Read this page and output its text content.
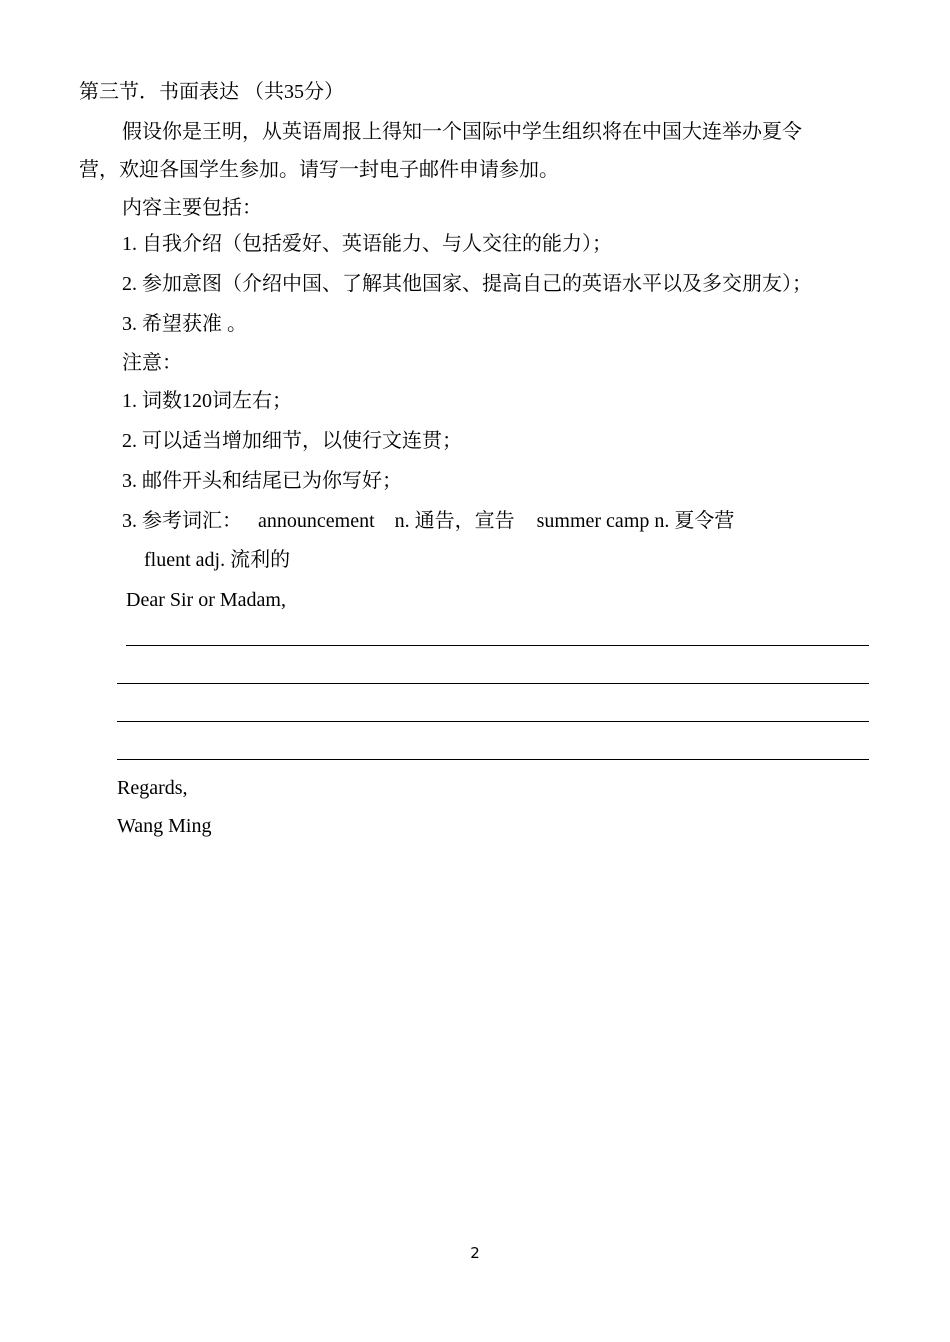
第三节．书面表达 （共35分）
假设你是王明，从英语周报上得知一个国际中学生组织将在中国大连举办夏令
营，欢迎各国学生参加。请写一封电子邮件申请参加。
内容主要包括：
1. 自我介绍（包括爱好、英语能力、与人交往的能力）；
2. 参加意图（介绍中国、了解其他国家、提高自己的英语水平以及多交朋友）；
3. 希望获准 。
注意：
1. 词数120词左右；
2. 可以适当增加细节，以使行文连贯；
3. 邮件开头和结尾已为你写好；
3. 参考词汇： announcement　n. 通告，宣告 summer camp n. 夏令营
fluent adj. 流利的
Dear Sir or Madam,
Regards,
Wang Ming
2
